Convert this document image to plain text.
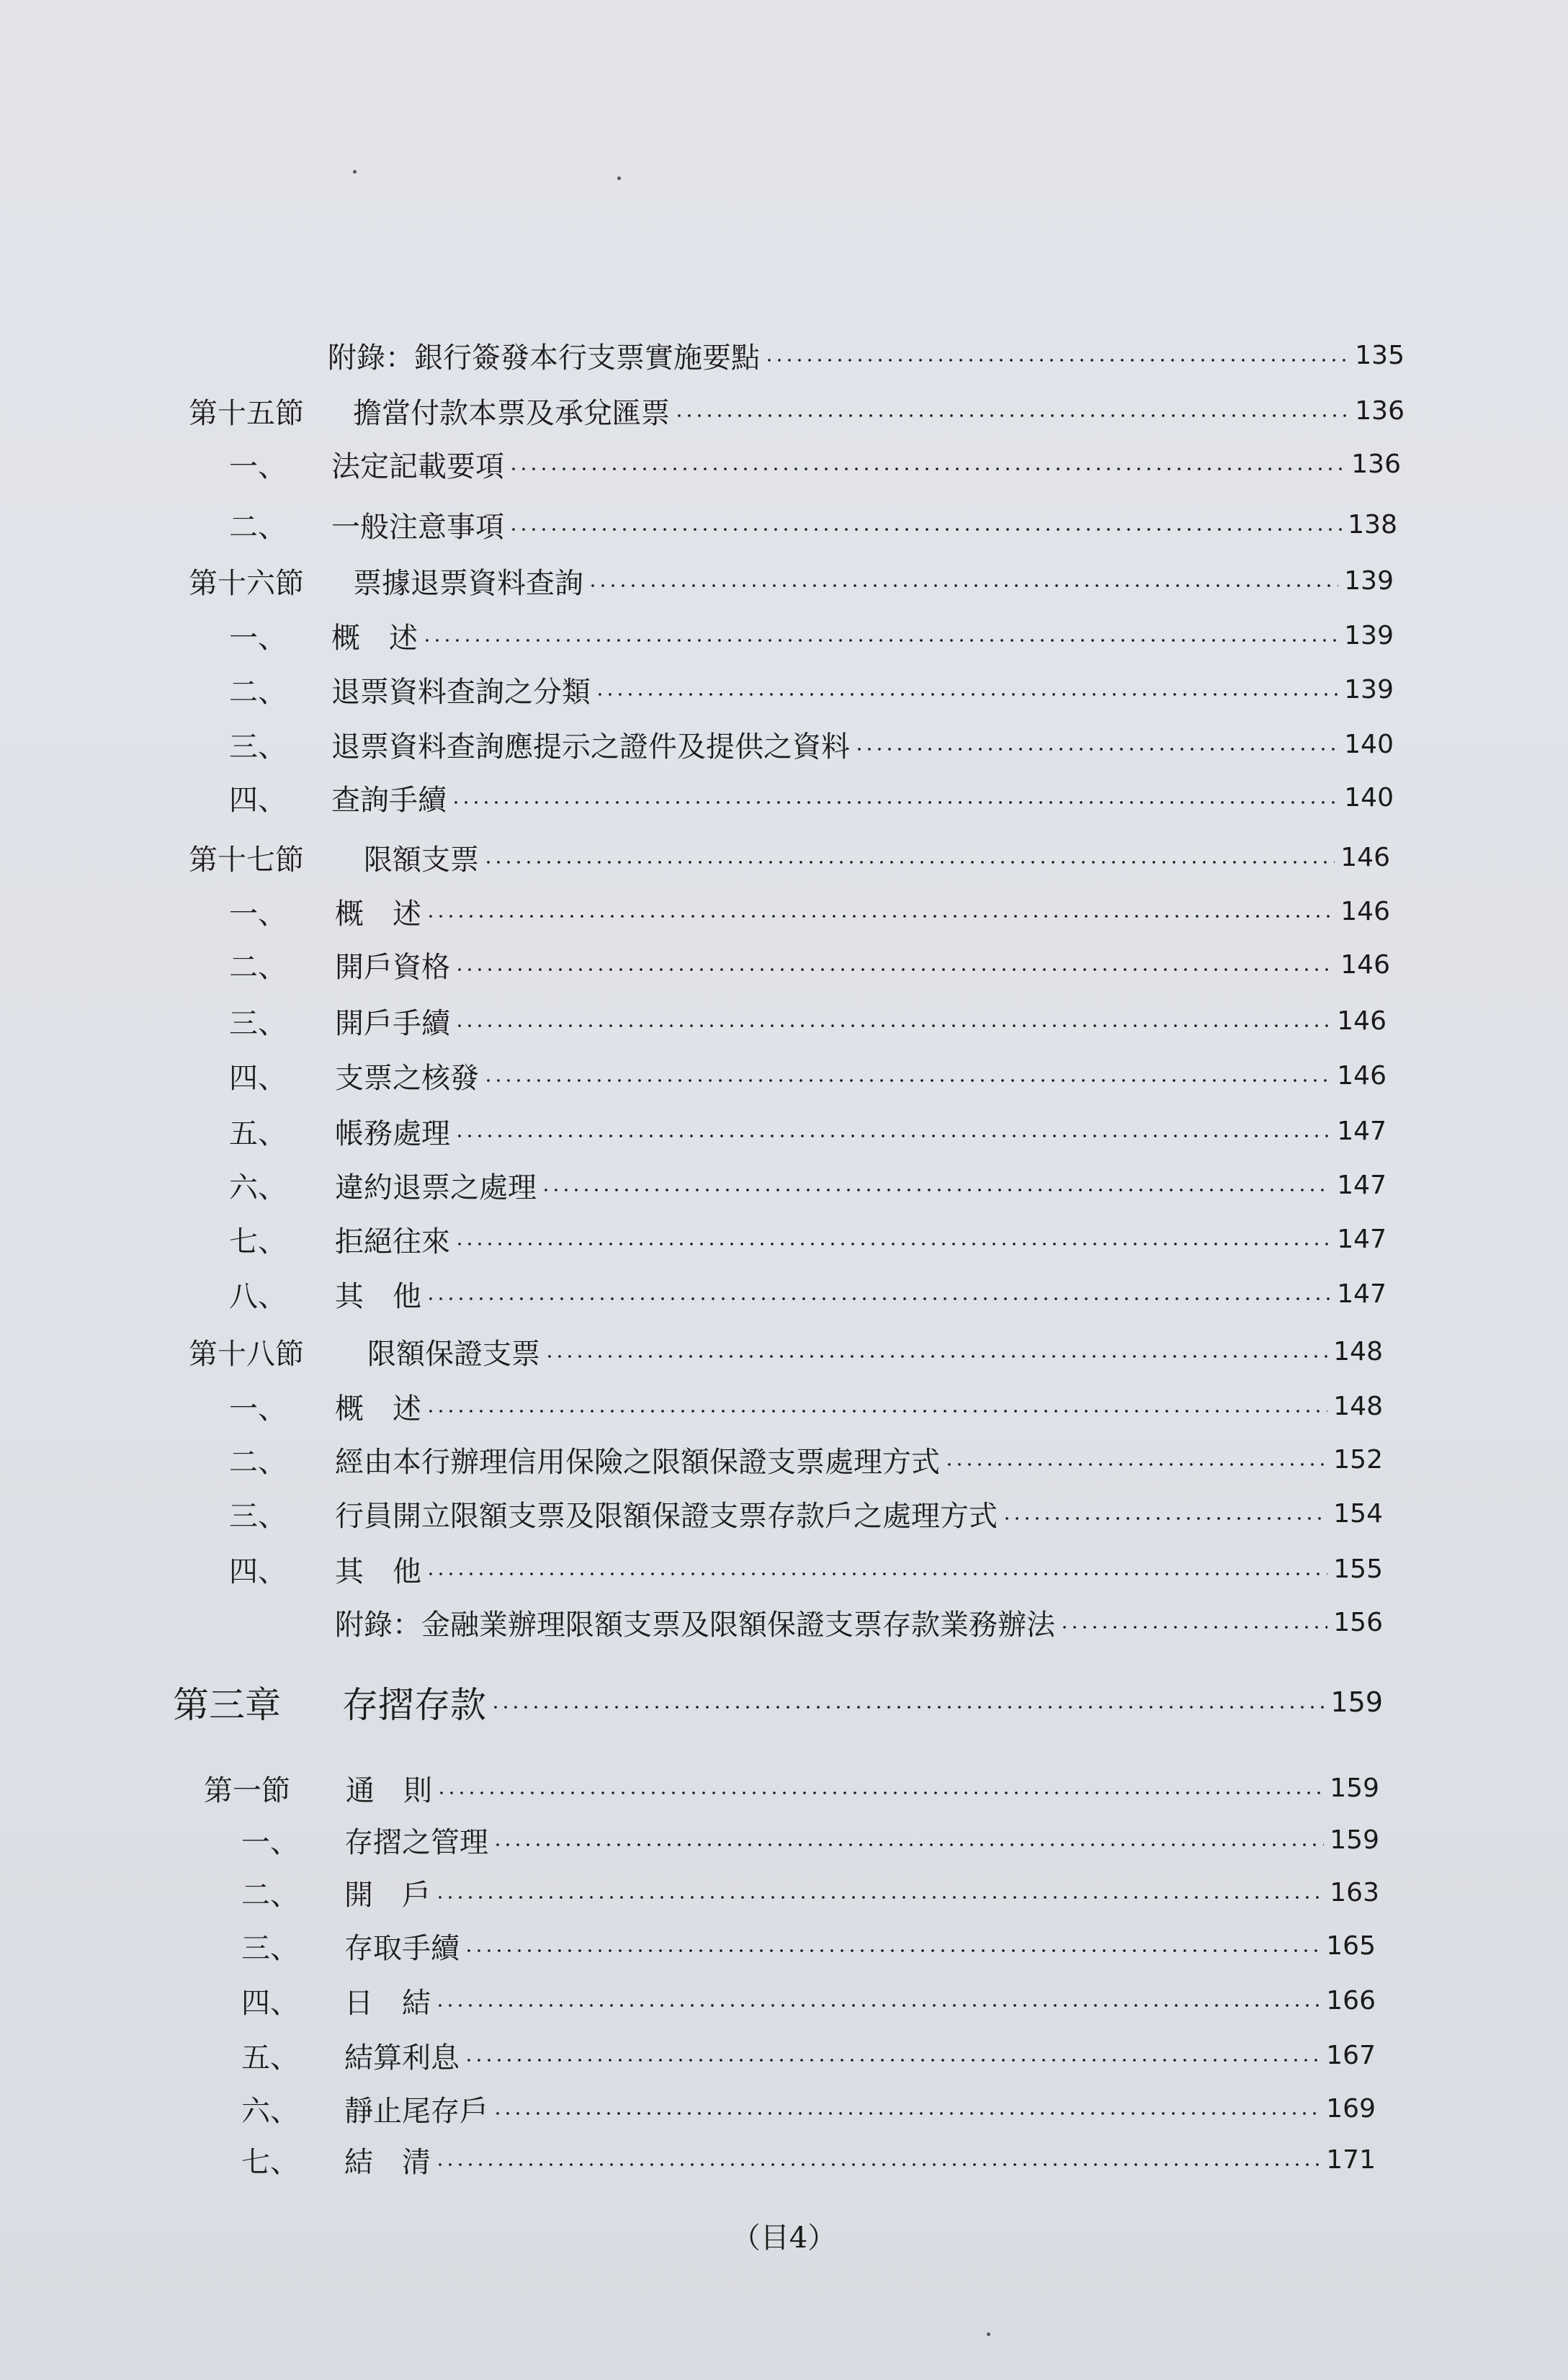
附錄：銀行簽發本行支票實施要點	135
第十五節 擔當付款本票及承兌匯票	136
一、 法定記載要項	136
二、 一般注意事項	138
第十六節 票據退票資料查詢	139
一、 概　述	139
二、 退票資料查詢之分類	139
三、 退票資料查詢應提示之證件及提供之資料	140
四、 查詢手續	140
第十七節 限額支票	146
一、 概　述	146
二、 開戶資格	146
三、 開戶手續	146
四、 支票之核發	146
五、 帳務處理	147
六、 違約退票之處理	147
七、 拒絕往來	147
八、 其　他	147
第十八節 限額保證支票	148
一、 概　述	148
二、 經由本行辦理信用保險之限額保證支票處理方式	152
三、 行員開立限額支票及限額保證支票存款戶之處理方式	154
四、 其　他	155
附錄：金融業辦理限額支票及限額保證支票存款業務辦法	156
第三章 存摺存款	159
第一節 通　則	159
一、 存摺之管理	159
二、 開　戶	163
三、 存取手續	165
四、 日　結	166
五、 結算利息	167
六、 靜止尾存戶	169
七、 結　清	171
（目4）
